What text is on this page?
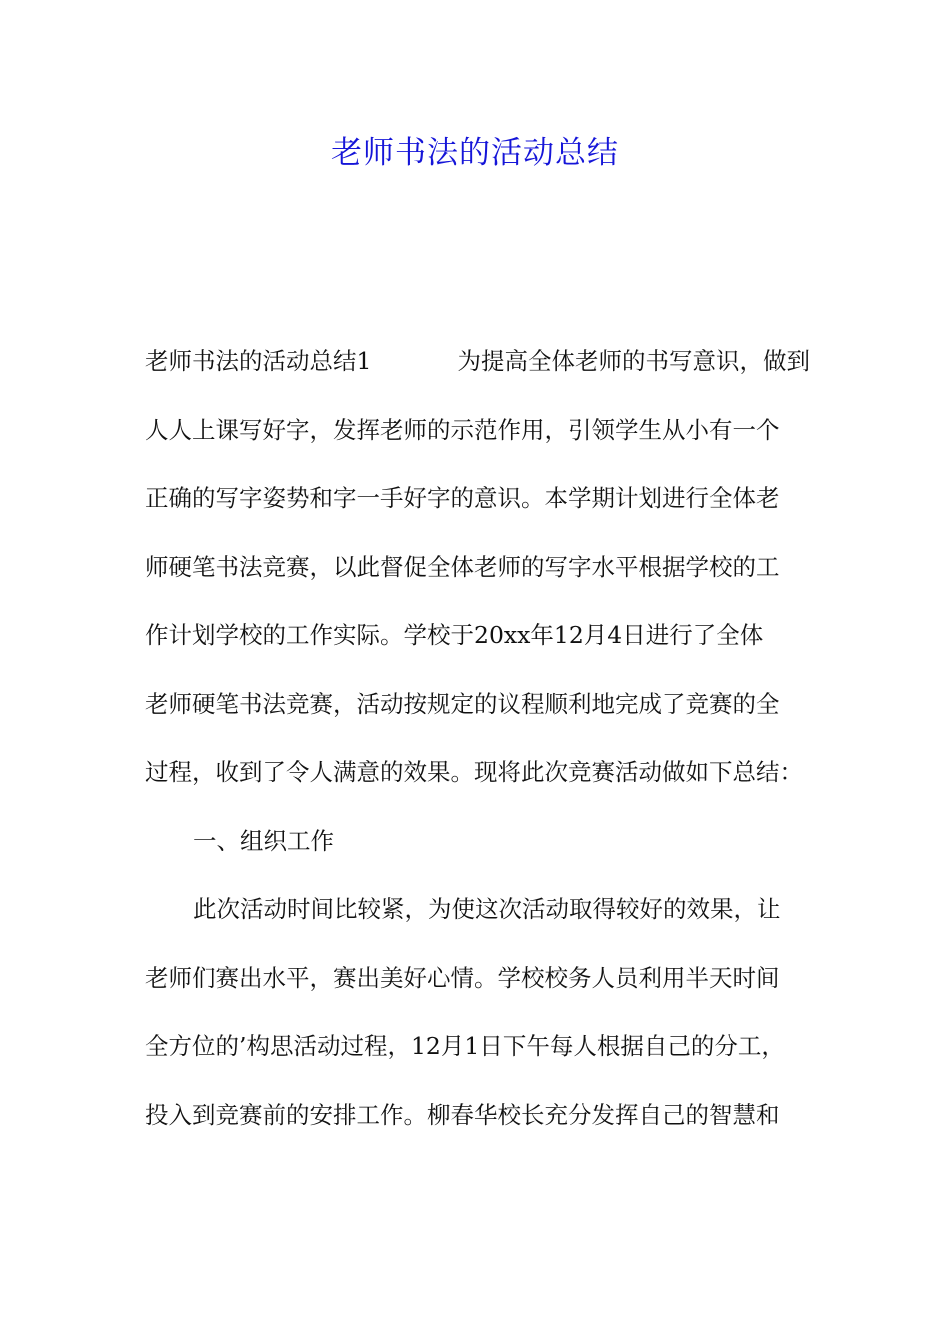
老师书法的活动总结
老师书法的活动总结1	为提高全体老师的书写意识，做到
人人上课写好字，发挥老师的示范作用，引领学生从小有一个
正确的写字姿势和字一手好字的意识。本学期计划进行全体老
师硬笔书法竞赛，以此督促全体老师的写字水平根据学校的工
作计划学校的工作实际。学校于20xx年12月4日进行了全体
老师硬笔书法竞赛，活动按规定的议程顺利地完成了竞赛的全
过程，收到了令人满意的效果。现将此次竞赛活动做如下总结：
一、组织工作
此次活动时间比较紧，为使这次活动取得较好的效果，让
老师们赛出水平，赛出美好心情。学校校务人员利用半天时间
全方位的’构思活动过程，12月1日下午每人根据自己的分工，
投入到竞赛前的安排工作。柳春华校长充分发挥自己的智慧和
